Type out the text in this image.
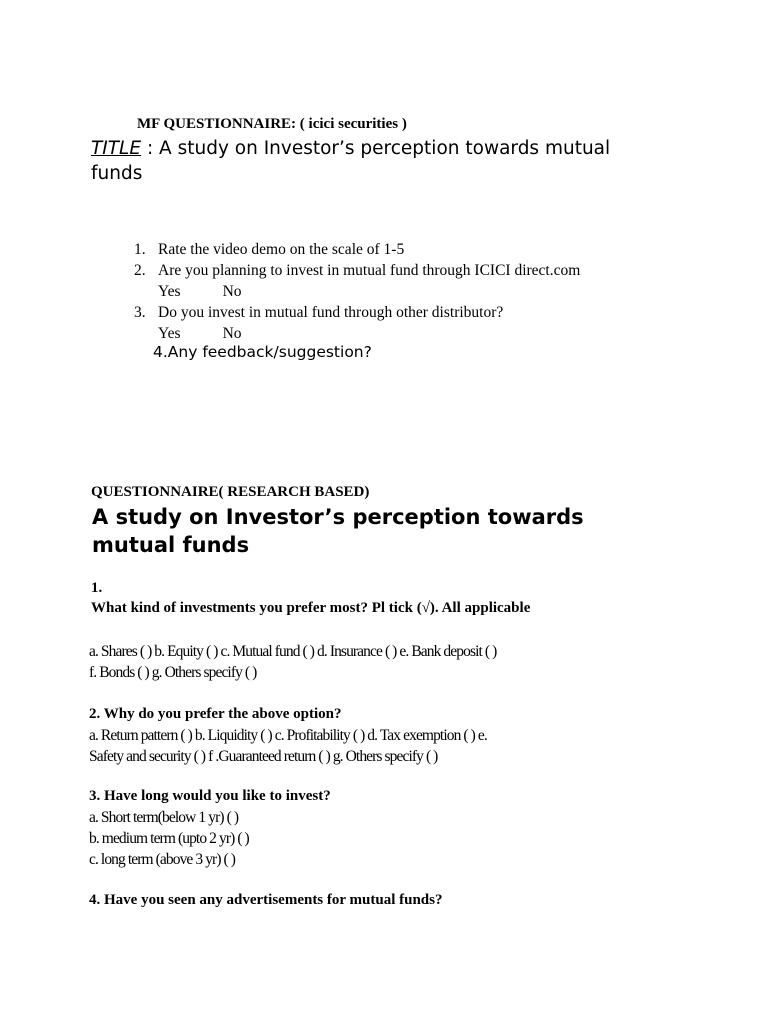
MF QUESTIONNAIRE: ( icici securities )
TITLE : A study on Investor’s perception towards mutual
funds
1. Rate the video demo on the scale of 1-5
2. Are you planning to invest in mutual fund through ICICI direct.com
Yes	No
3. Do you invest in mutual fund through other distributor?
Yes	No
4.Any feedback/suggestion?
QUESTIONNAIRE( RESEARCH BASED)
A study on Investor’s perception towards
mutual funds
1.
What kind of investments you prefer most? Pl tick (√). All applicable
a. Shares ( ) b. Equity ( ) c. Mutual fund ( ) d. Insurance ( ) e. Bank deposit ( )
f. Bonds ( ) g. Others specify ( )
2. Why do you prefer the above option?
a. Return pattern ( ) b. Liquidity ( ) c. Profitability ( ) d. Tax exemption ( ) e.
Safety and security ( ) f .Guaranteed return ( ) g. Others specify ( )
3. Have long would you like to invest?
a. Short term(below 1 yr) ( )
b. medium term (upto 2 yr) ( )
c. long term (above 3 yr) ( )
4. Have you seen any advertisements for mutual funds?
